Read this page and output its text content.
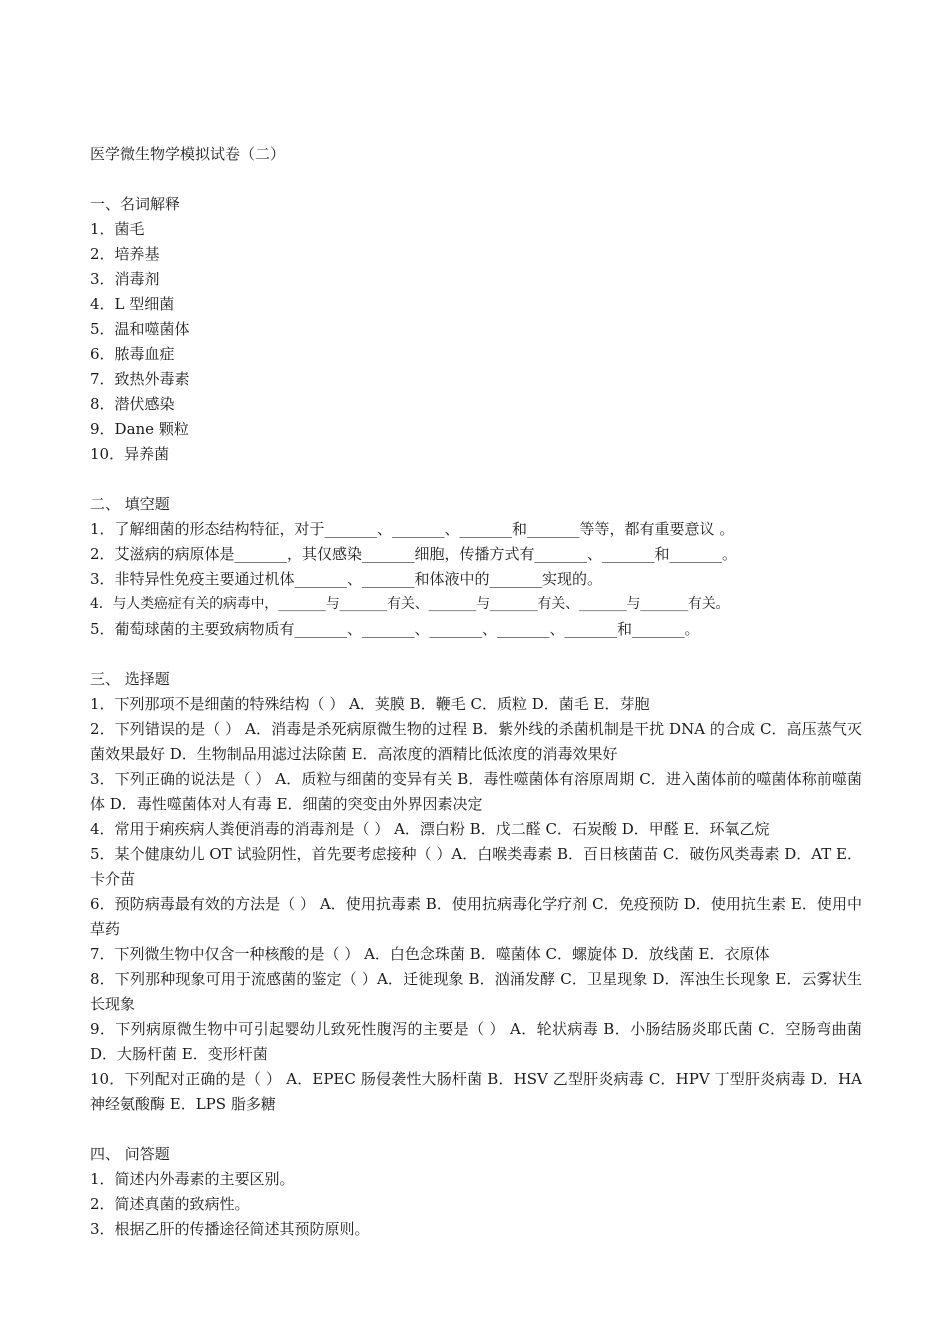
医学微生物学模拟试卷（二）
一、名词解释
1．菌毛
2．培养基
3．消毒剂
4．L 型细菌
5．温和噬菌体
6．脓毒血症
7．致热外毒素
8．潜伏感染
9．Dane 颗粒
10．异养菌
二、 填空题
1．了解细菌的形态结构特征，对于_______、_______、_______和_______等等，都有重要意议 。
2．艾滋病的病原体是_______，其仅感染_______细胞，传播方式有_______、_______和_______。
3．非特异性免疫主要通过机体_______、_______和体液中的_______实现的。
4．与人类癌症有关的病毒中，_______与_______有关、_______与_______有关、_______与_______有关。
5．葡萄球菌的主要致病物质有_______、_______、_______、_______、_______和_______。
三、 选择题
1．下列那项不是细菌的特殊结构（ ） A．荚膜 B．鞭毛 C．质粒 D．菌毛 E．芽胞
2．下列错误的是（ ） A．消毒是杀死病原微生物的过程 B．紫外线的杀菌机制是干扰 DNA 的合成 C．高压蒸气灭菌效果最好 D．生物制品用滤过法除菌 E．高浓度的酒精比低浓度的消毒效果好
3．下列正确的说法是（ ） A．质粒与细菌的变异有关 B．毒性噬菌体有溶原周期 C．进入菌体前的噬菌体称前噬菌体 D．毒性噬菌体对人有毒 E．细菌的突变由外界因素决定
4．常用于痢疾病人粪便消毒的消毒剂是（ ） A．漂白粉 B．戊二醛 C．石炭酸 D．甲醛 E．环氧乙烷
5．某个健康幼儿 OT 试验阴性，首先要考虑接种（ ）A．白喉类毒素 B．百日核菌苗 C．破伤风类毒素 D．AT E．卡介苗
6．预防病毒最有效的方法是（ ） A．使用抗毒素 B．使用抗病毒化学疗剂 C．免疫预防 D．使用抗生素 E．使用中草药
7．下列微生物中仅含一种核酸的是（ ） A．白色念珠菌 B．噬菌体 C．螺旋体 D．放线菌 E．衣原体
8．下列那种现象可用于流感菌的鉴定（ ）A．迁徙现象 B．汹涌发酵 C．卫星现象 D．浑浊生长现象 E．云雾状生长现象
9．下列病原微生物中可引起婴幼儿致死性腹泻的主要是（ ） A．轮状病毒 B．小肠结肠炎耶氏菌 C．空肠弯曲菌 D．大肠杆菌 E．变形杆菌
10．下列配对正确的是（ ） A．EPEC 肠侵袭性大肠杆菌 B．HSV 乙型肝炎病毒 C．HPV 丁型肝炎病毒 D．HA 神经氨酸酶 E．LPS 脂多糖
四、 问答题
1．简述内外毒素的主要区别。
2．简述真菌的致病性。
3．根据乙肝的传播途径简述其预防原则。
